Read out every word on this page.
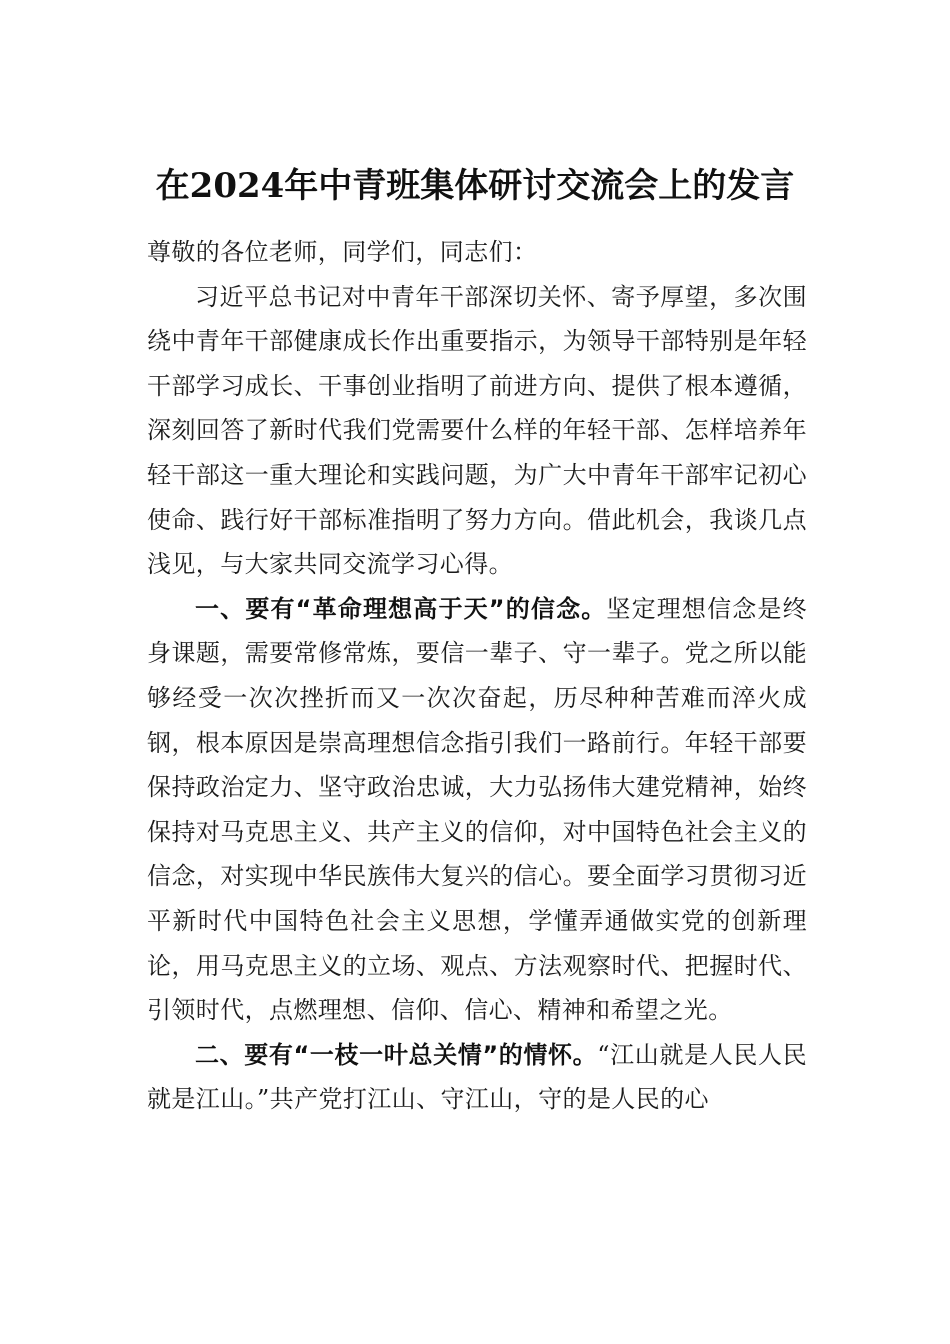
在2024年中青班集体研讨交流会上的发言

尊敬的各位老师，同学们，同志们：

习近平总书记对中青年干部深切关怀、寄予厚望，多次围绕中青年干部健康成长作出重要指示，为领导干部特别是年轻干部学习成长、干事创业指明了前进方向、提供了根本遵循，深刻回答了新时代我们党需要什么样的年轻干部、怎样培养年轻干部这一重大理论和实践问题，为广大中青年干部牢记初心使命、践行好干部标准指明了努力方向。借此机会，我谈几点浅见，与大家共同交流学习心得。

一、要有“革命理想高于天”的信念。坚定理想信念是终身课题，需要常修常炼，要信一辈子、守一辈子。党之所以能够经受一次次挫折而又一次次奋起，历尽种种苦难而淬火成钢，根本原因是崇高理想信念指引我们一路前行。年轻干部要保持政治定力、坚守政治忠诚，大力弘扬伟大建党精神，始终保持对马克思主义、共产主义的信仰，对中国特色社会主义的信念，对实现中华民族伟大复兴的信心。要全面学习贯彻习近平新时代中国特色社会主义思想，学懂弄通做实党的创新理论，用马克思主义的立场、观点、方法观察时代、把握时代、引领时代，点燃理想、信仰、信心、精神和希望之光。

二、要有“一枝一叶总关情”的情怀。“江山就是人民人民就是江山。”共产党打江山、守江山，守的是人民的心
